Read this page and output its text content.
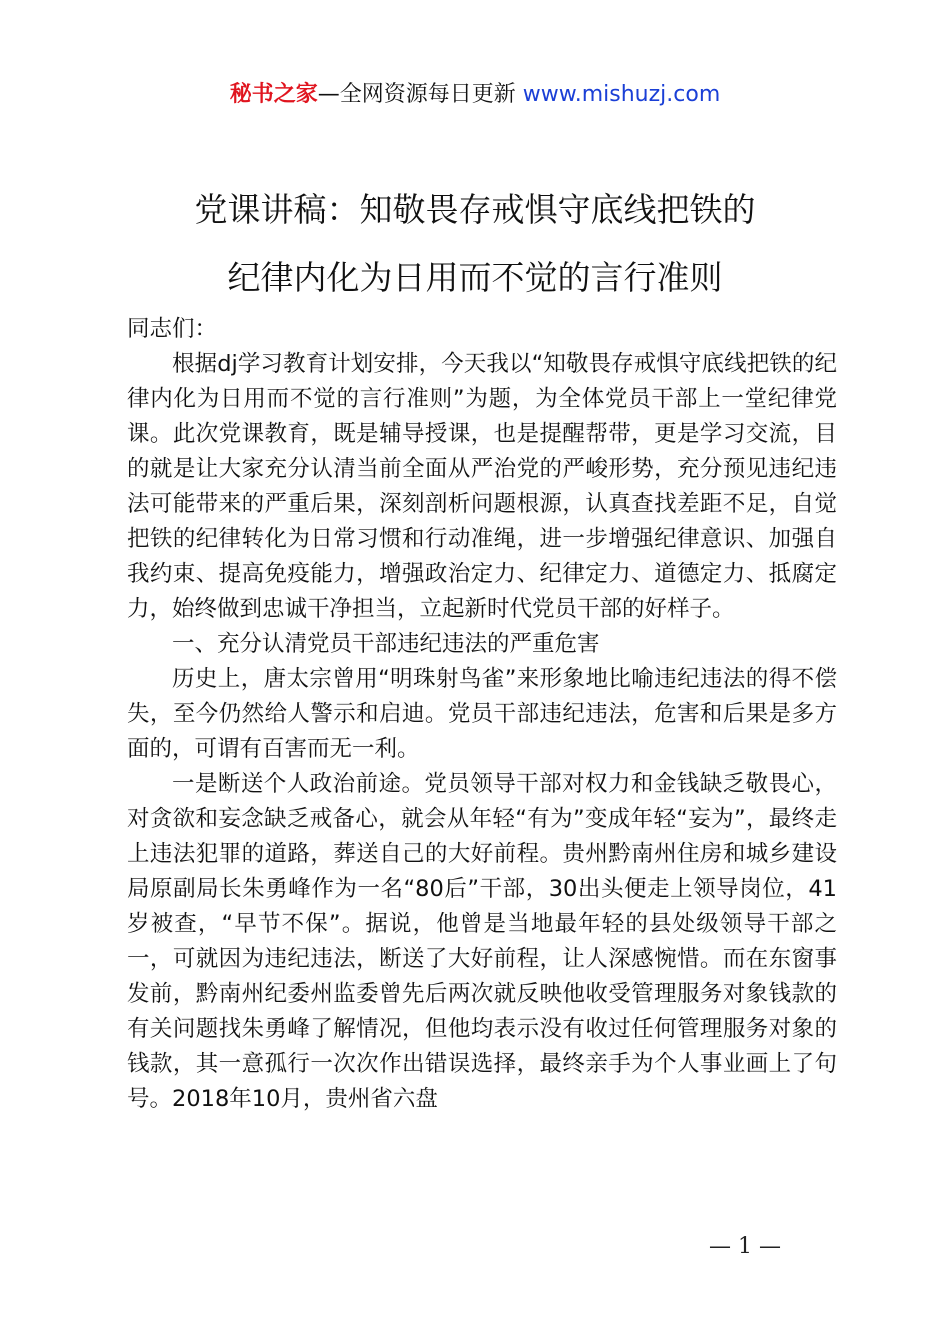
秘书之家—全网资源每日更新 www.mishuzj.com
党课讲稿：知敬畏存戒惧守底线把铁的
纪律内化为日用而不觉的言行准则

同志们：

根据dj学习教育计划安排，今天我以“知敬畏存戒惧守底线把铁的纪律内化为日用而不觉的言行准则”为题，为全体党员干部上一堂纪律党课。此次党课教育，既是辅导授课，也是提醒帮带，更是学习交流，目的就是让大家充分认清当前全面从严治党的严峻形势，充分预见违纪违法可能带来的严重后果，深刻剖析问题根源，认真查找差距不足，自觉把铁的纪律转化为日常习惯和行动准绳，进一步增强纪律意识、加强自我约束、提高免疫能力，增强政治定力、纪律定力、道德定力、抵腐定力，始终做到忠诚干净担当，立起新时代党员干部的好样子。

一、充分认清党员干部违纪违法的严重危害

历史上，唐太宗曾用“明珠射鸟雀”来形象地比喻违纪违法的得不偿失，至今仍然给人警示和启迪。党员干部违纪违法，危害和后果是多方面的，可谓有百害而无一利。

一是断送个人政治前途。党员领导干部对权力和金钱缺乏敬畏心，对贪欲和妄念缺乏戒备心，就会从年轻“有为”变成年轻“妄为”，最终走上违法犯罪的道路，葬送自己的大好前程。贵州黔南州住房和城乡建设局原副局长朱勇峰作为一名“80后”干部，30出头便走上领导岗位，41岁被查，“早节不保”。据说，他曾是当地最年轻的县处级领导干部之一，可就因为违纪违法，断送了大好前程，让人深感惋惜。而在东窗事发前，黔南州纪委州监委曾先后两次就反映他收受管理服务对象钱款的有关问题找朱勇峰了解情况，但他均表示没有收过任何管理服务对象的钱款，其一意孤行一次次作出错误选择，最终亲手为个人事业画上了句号。2018年10月，贵州省六盘

— 1 —
